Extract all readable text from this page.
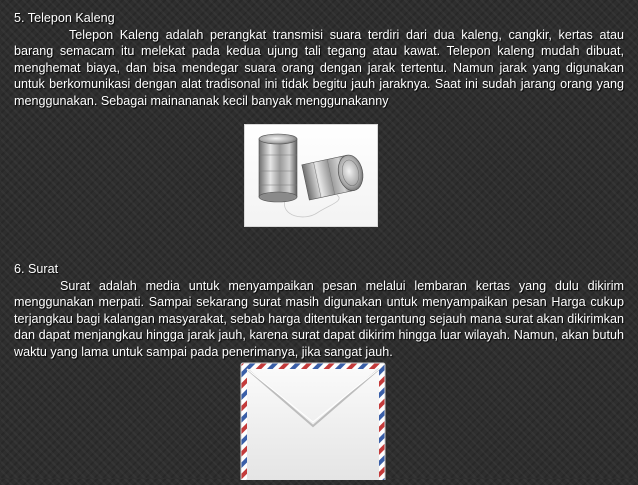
5. Telepon Kaleng

Telepon Kaleng adalah perangkat transmisi suara terdiri dari dua kaleng, cangkir, kertas atau barang semacam itu melekat pada kedua ujung tali tegang atau kawat. Telepon kaleng mudah dibuat, menghemat biaya, dan bisa mendegar suara orang dengan jarak tertentu. Namun jarak yang digunakan untuk berkomunikasi dengan alat tradisonal ini tidak begitu jauh jaraknya. Saat ini sudah jarang orang yang menggunakan. Sebagai mainananak kecil banyak menggunakanny

6. Surat

Surat adalah media untuk menyampaikan pesan melalui lembaran kertas yang dulu dikirim menggunakan merpati. Sampai sekarang surat masih digunakan untuk menyampaikan pesan Harga cukup terjangkau bagi kalangan masyarakat, sebab harga ditentukan tergantung sejauh mana surat akan dikirimkan dan dapat menjangkau hingga jarak jauh, karena surat dapat dikirim hingga luar wilayah. Namun, akan butuh waktu yang lama untuk sampai pada penerimanya, jika sangat jauh.
